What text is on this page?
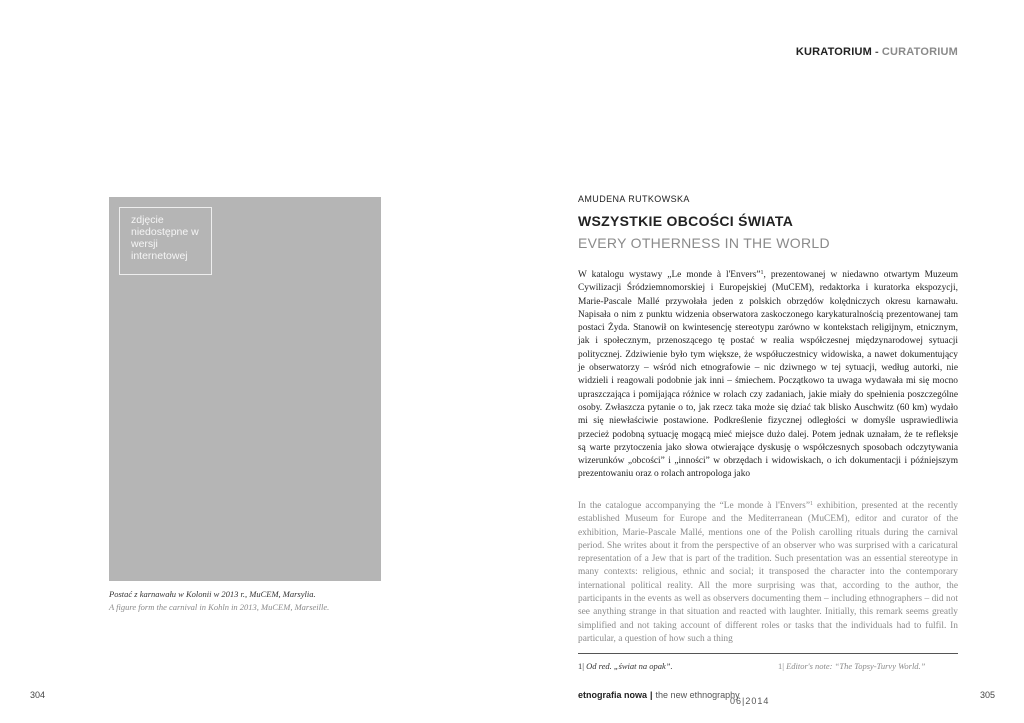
KURATORIUM - CURATORIUM
zdjęcie niedostępne w wersji internetowej
Postać z karnawału w Kolonii w 2013 r., MuCEM, Marsylia.
A figure form the carnival in Kohln in 2013, MuCEM, Marseille.
AMUDENA RUTKOWSKA
WSZYSTKIE OBCOŚCI ŚWIATA
EVERY OTHERNESS IN THE WORLD
W katalogu wystawy „Le monde à l'Envers”$^1$, prezentowanej w niedawno otwartym Muzeum Cywilizacji Śródziemnomorskiej i Europejskiej (MuCEM), redaktorka i kuratorka ekspozycji, Marie-Pascale Mallé przywołała jeden z polskich obrzędów kolędniczych okresu karnawału. Napisała o nim z punktu widzenia obserwatora zaskoczonego karykaturalnością prezentowanej tam postaci Żyda. Stanowił on kwintesencję stereotypu zarówno w kontekstach religijnym, etnicznym, jak i społecznym, przenoszącego tę postać w realia współczesnej międzynarodowej sytuacji politycznej. Zdziwienie było tym większe, że współuczestnicy widowiska, a nawet dokumentujący je obserwatorzy – wśród nich etnografowie – nic dziwnego w tej sytuacji, według autorki, nie widzieli i reagowali podobnie jak inni – śmiechem. Początkowo ta uwaga wydawała mi się mocno upraszczająca i pomijająca różnice w rolach czy zadaniach, jakie miały do spełnienia poszczególne osoby. Zwłaszcza pytanie o to, jak rzecz taka może się dziać tak blisko Auschwitz (60 km) wydało mi się niewłaściwie postawione. Podkreślenie fizycznej odległości w domyśle usprawiedliwia przecież podobną sytuację mogącą mieć miejsce dużo dalej. Potem jednak uznałam, że te refleksje są warte przytoczenia jako słowa otwierające dyskusję o współczesnych sposobach odczytywania wizerunków „obcości” i „inności” w obrzędach i widowiskach, o ich dokumentacji i późniejszym prezentowaniu oraz o rolach antropologa jako
In the catalogue accompanying the “Le monde à l'Envers”$^1$ exhibition, presented at the recently established Museum for Europe and the Mediterranean (MuCEM), editor and curator of the exhibition, Marie-Pascale Mallé, mentions one of the Polish carolling rituals during the carnival period. She writes about it from the perspective of an observer who was surprised with a caricatural representation of a Jew that is part of the tradition. Such presentation was an essential stereotype in many contexts: religious, ethnic and social; it transposed the character into the contemporary international political reality. All the more surprising was that, according to the author, the participants in the events as well as observers documenting them – including ethnographers – did not see anything strange in that situation and reacted with laughter. Initially, this remark seems greatly simplified and not taking account of different roles or tasks that the individuals had to fulfil. In particular, a question of how such a thing
1| Od red. „świat na opak”.	1| Editor's note: “The Topsy-Turvy World.”
304	etnografia nowa | the new ethnography
06|2014
305
